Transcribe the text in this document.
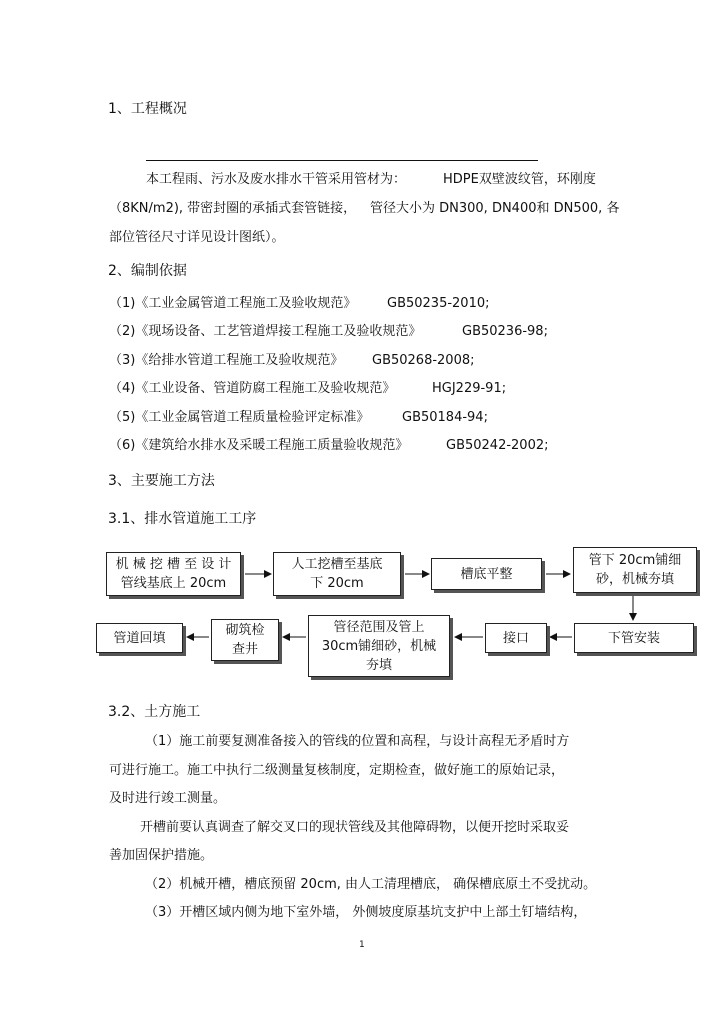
1、工程概况
本工程雨、污水及废水排水干管采用管材为：	HDPE双壁波纹管，环刚度
（8KN/m2), 带密封圈的承插式套管链接， 管径大小为 DN300, DN400和 DN500, 各
部位管径尺寸详见设计图纸）。
2、编制依据
（1)《工业金属管道工程施工及验收规范》 GB50235-2010;
（2)《现场设备、工艺管道焊接工程施工及验收规范》	GB50236-98;
（3)《给排水管道工程施工及验收规范》 GB50268-2008;
（4)《工业设备、管道防腐工程施工及验收规范》	HGJ229-91;
（5)《工业金属管道工程质量检验评定标准》	GB50184-94;
（6)《建筑给水排水及采暖工程施工质量验收规范》	GB50242-2002;
3、主要施工方法
3.1、排水管道施工工序
机 械 挖 槽 至 设 计
管线基底上 20cm
人工挖槽至基底
下 20cm
槽底平整
管下 20cm铺细
砂，机械夯填
下管安装
接口
管径范围及管上
30cm铺细砂，机械
夯填
砌筑检
查井
管道回填
3.2、土方施工
（1）施工前要复测准备接入的管线的位置和高程，与设计高程无矛盾时方
可进行施工。施工中执行二级测量复核制度，定期检查，做好施工的原始记录，
及时进行竣工测量。
开槽前要认真调查了解交叉口的现状管线及其他障碍物，以便开挖时采取妥
善加固保护措施。
（2）机械开槽，槽底预留 20cm, 由人工清理槽底， 确保槽底原土不受扰动。
（3）开槽区域内侧为地下室外墙， 外侧坡度原基坑支护中上部土钉墙结构，
1
